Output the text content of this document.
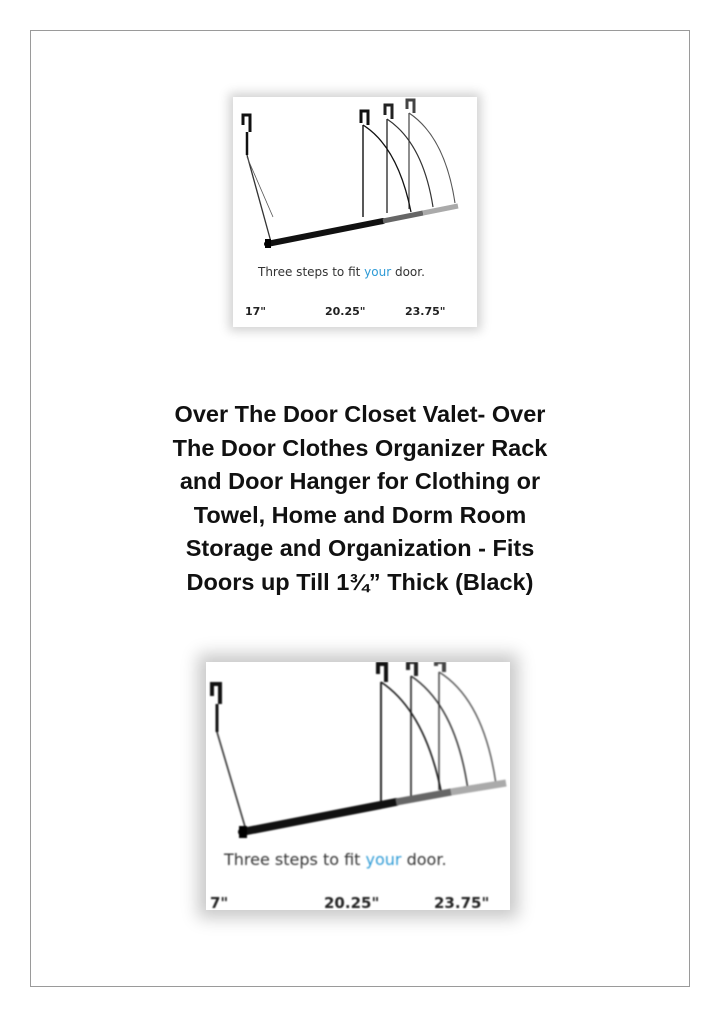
Three steps to fit your door.
17"	20.25"	23.75"
Over The Door Closet Valet- Over
The Door Clothes Organizer Rack
and Door Hanger for Clothing or
Towel, Home and Dorm Room
Storage and Organization - Fits
Doors up Till 1¾” Thick (Black)
Three steps to fit your door.
7"	20.25"	23.75"
